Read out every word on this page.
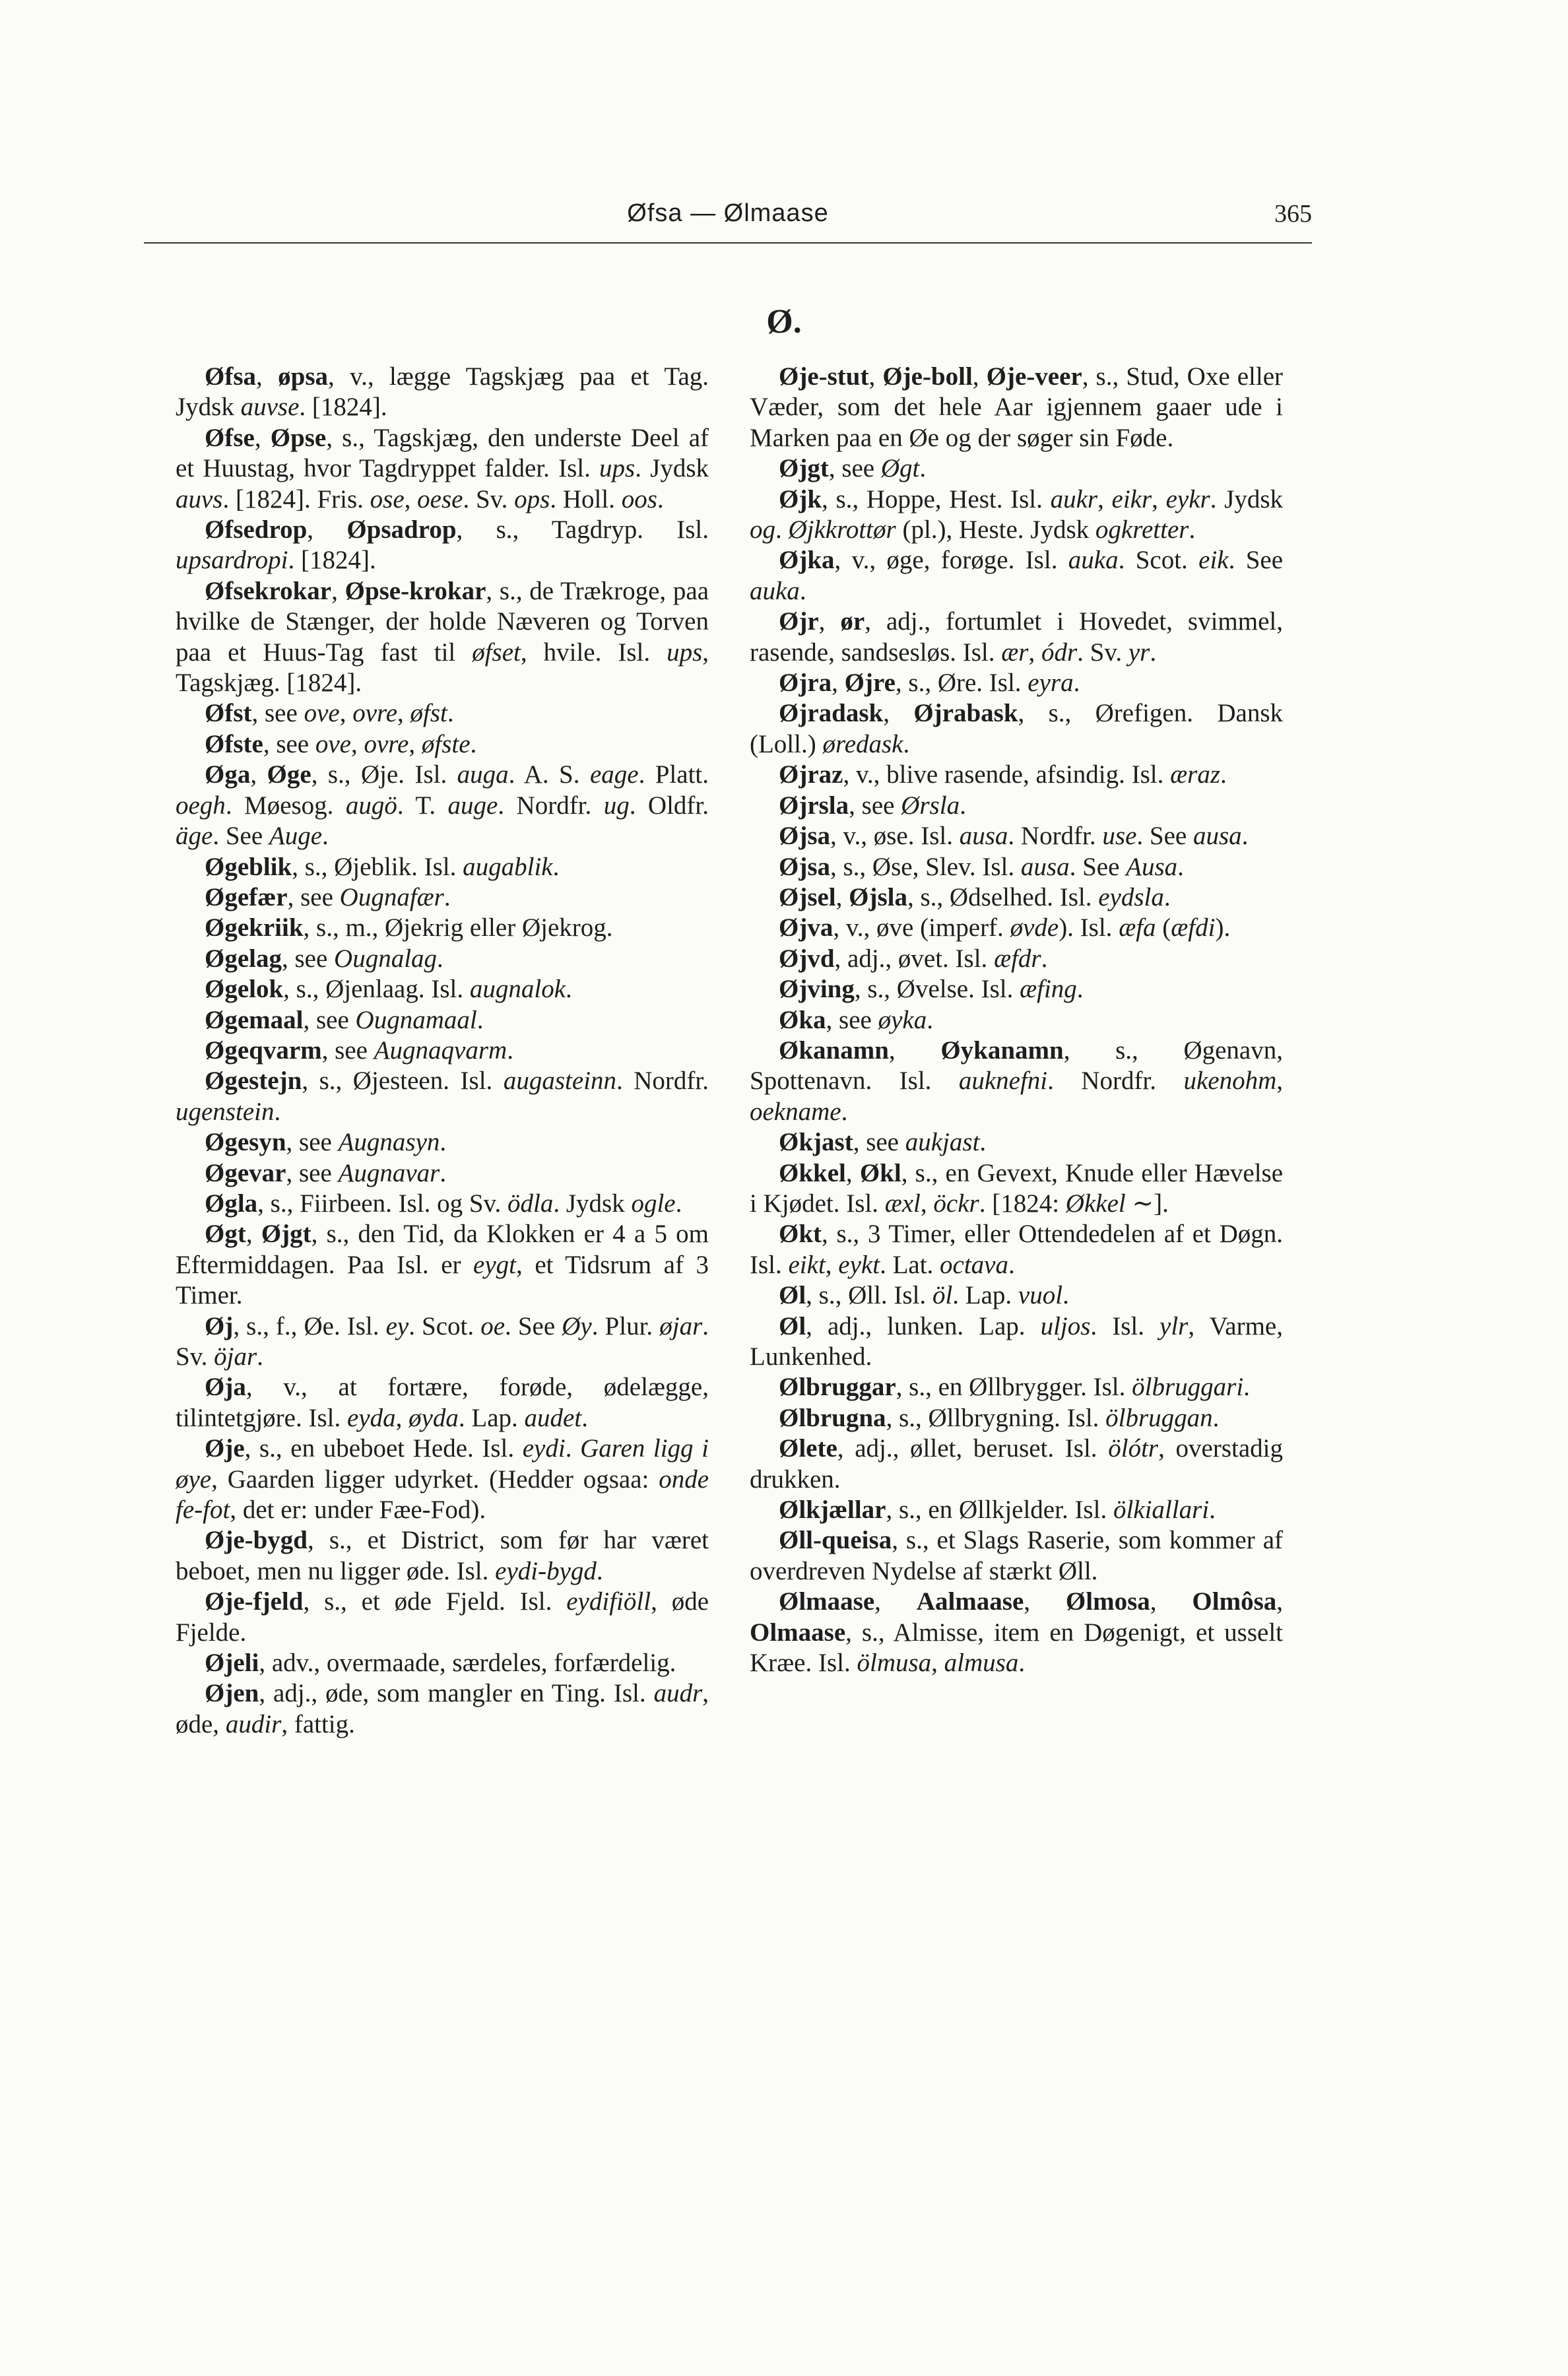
Øfsa — Ølmaase	365
Ø.

Øfsa, øpsa, v., lægge Tagskjæg paa et Tag. Jydsk auvse. [1824].

Øfse, Øpse, s., Tagskjæg, den underste Deel af et Huustag, hvor Tagdryppet falder. Isl. ups. Jydsk auvs. [1824]. Fris. ose, oese. Sv. ops. Holl. oos.

Øfsedrop, Øpsadrop, s., Tagdryp. Isl. upsardropi. [1824].

Øfsekrokar, Øpse-krokar, s., de Trækroge, paa hvilke de Stænger, der holde Næveren og Torven paa et Huus-Tag fast til øfset, hvile. Isl. ups, Tagskjæg. [1824].

Øfst, see ove, ovre, øfst.

Øfste, see ove, ovre, øfste.

Øga, Øge, s., Øje. Isl. auga. A. S. eage. Platt. oegh. Møesog. augö. T. auge. Nordfr. ug. Oldfr. äge. See Auge.

Øgeblik, s., Øjeblik. Isl. augablik.

Øgefær, see Ougnafær.

Øgekriik, s., m., Øjekrig eller Øjekrog.

Øgelag, see Ougnalag.

Øgelok, s., Øjenlaag. Isl. augnalok.

Øgemaal, see Ougnamaal.

Øgeqvarm, see Augnaqvarm.

Øgestejn, s., Øjesteen. Isl. augasteinn. Nordfr. ugenstein.

Øgesyn, see Augnasyn.

Øgevar, see Augnavar.

Øgla, s., Fiirbeen. Isl. og Sv. ödla. Jydsk ogle.

Øgt, Øjgt, s., den Tid, da Klokken er 4 a 5 om Eftermiddagen. Paa Isl. er eygt, et Tidsrum af 3 Timer.

Øj, s., f., Øe. Isl. ey. Scot. oe. See Øy. Plur. øjar. Sv. öjar.

Øja, v., at fortære, forøde, ødelægge, tilintetgjøre. Isl. eyda, øyda. Lap. audet.

Øje, s., en ubeboet Hede. Isl. eydi. Garen ligg i øye, Gaarden ligger udyrket. (Hedder ogsaa: onde fe-fot, det er: under Fæe-Fod).

Øje-bygd, s., et District, som før har været beboet, men nu ligger øde. Isl. eydi-bygd.

Øje-fjeld, s., et øde Fjeld. Isl. eydifiöll, øde Fjelde.

Øjeli, adv., overmaade, særdeles, forfærdelig.

Øjen, adj., øde, som mangler en Ting. Isl. audr, øde, audir, fattig.

Øje-stut, Øje-boll, Øje-veer, s., Stud, Oxe eller Væder, som det hele Aar igjennem gaaer ude i Marken paa en Øe og der søger sin Føde.

Øjgt, see Øgt.

Øjk, s., Hoppe, Hest. Isl. aukr, eikr, eykr. Jydsk og. Øjkkrottør (pl.), Heste. Jydsk ogkretter.

Øjka, v., øge, forøge. Isl. auka. Scot. eik. See auka.

Øjr, ør, adj., fortumlet i Hovedet, svimmel, rasende, sandsesløs. Isl. ær, ódr. Sv. yr.

Øjra, Øjre, s., Øre. Isl. eyra.

Øjradask, Øjrabask, s., Ørefigen. Dansk (Loll.) øredask.

Øjraz, v., blive rasende, afsindig. Isl. æraz.

Øjrsla, see Ørsla.

Øjsa, v., øse. Isl. ausa. Nordfr. use. See ausa.

Øjsa, s., Øse, Slev. Isl. ausa. See Ausa.

Øjsel, Øjsla, s., Ødselhed. Isl. eydsla.

Øjva, v., øve (imperf. øvde). Isl. æfa (æfdi).

Øjvd, adj., øvet. Isl. æfdr.

Øjving, s., Øvelse. Isl. æfing.

Øka, see øyka.

Økanamn, Øykanamn, s., Øgenavn, Spottenavn. Isl. auknefni. Nordfr. ukenohm, oekname.

Økjast, see aukjast.

Økkel, Økl, s., en Gevext, Knude eller Hævelse i Kjødet. Isl. æxl, öckr. [1824: Økkel ∼].

Økt, s., 3 Timer, eller Ottendedelen af et Døgn. Isl. eikt, eykt. Lat. octava.

Øl, s., Øll. Isl. öl. Lap. vuol.

Øl, adj., lunken. Lap. uljos. Isl. ylr, Varme, Lunkenhed.

Ølbruggar, s., en Øllbrygger. Isl. ölbruggari.

Ølbrugna, s., Øllbrygning. Isl. ölbruggan.

Ølete, adj., øllet, beruset. Isl. ölótr, overstadig drukken.

Ølkjællar, s., en Øllkjelder. Isl. ölkiallari.

Øll-queisa, s., et Slags Raserie, som kommer af overdreven Nydelse af stærkt Øll.

Ølmaase, Aalmaase, Ølmosa, Olmôsa, Olmaase, s., Almisse, item en Døgenigt, et usselt Kræe. Isl. ölmusa, almusa.
